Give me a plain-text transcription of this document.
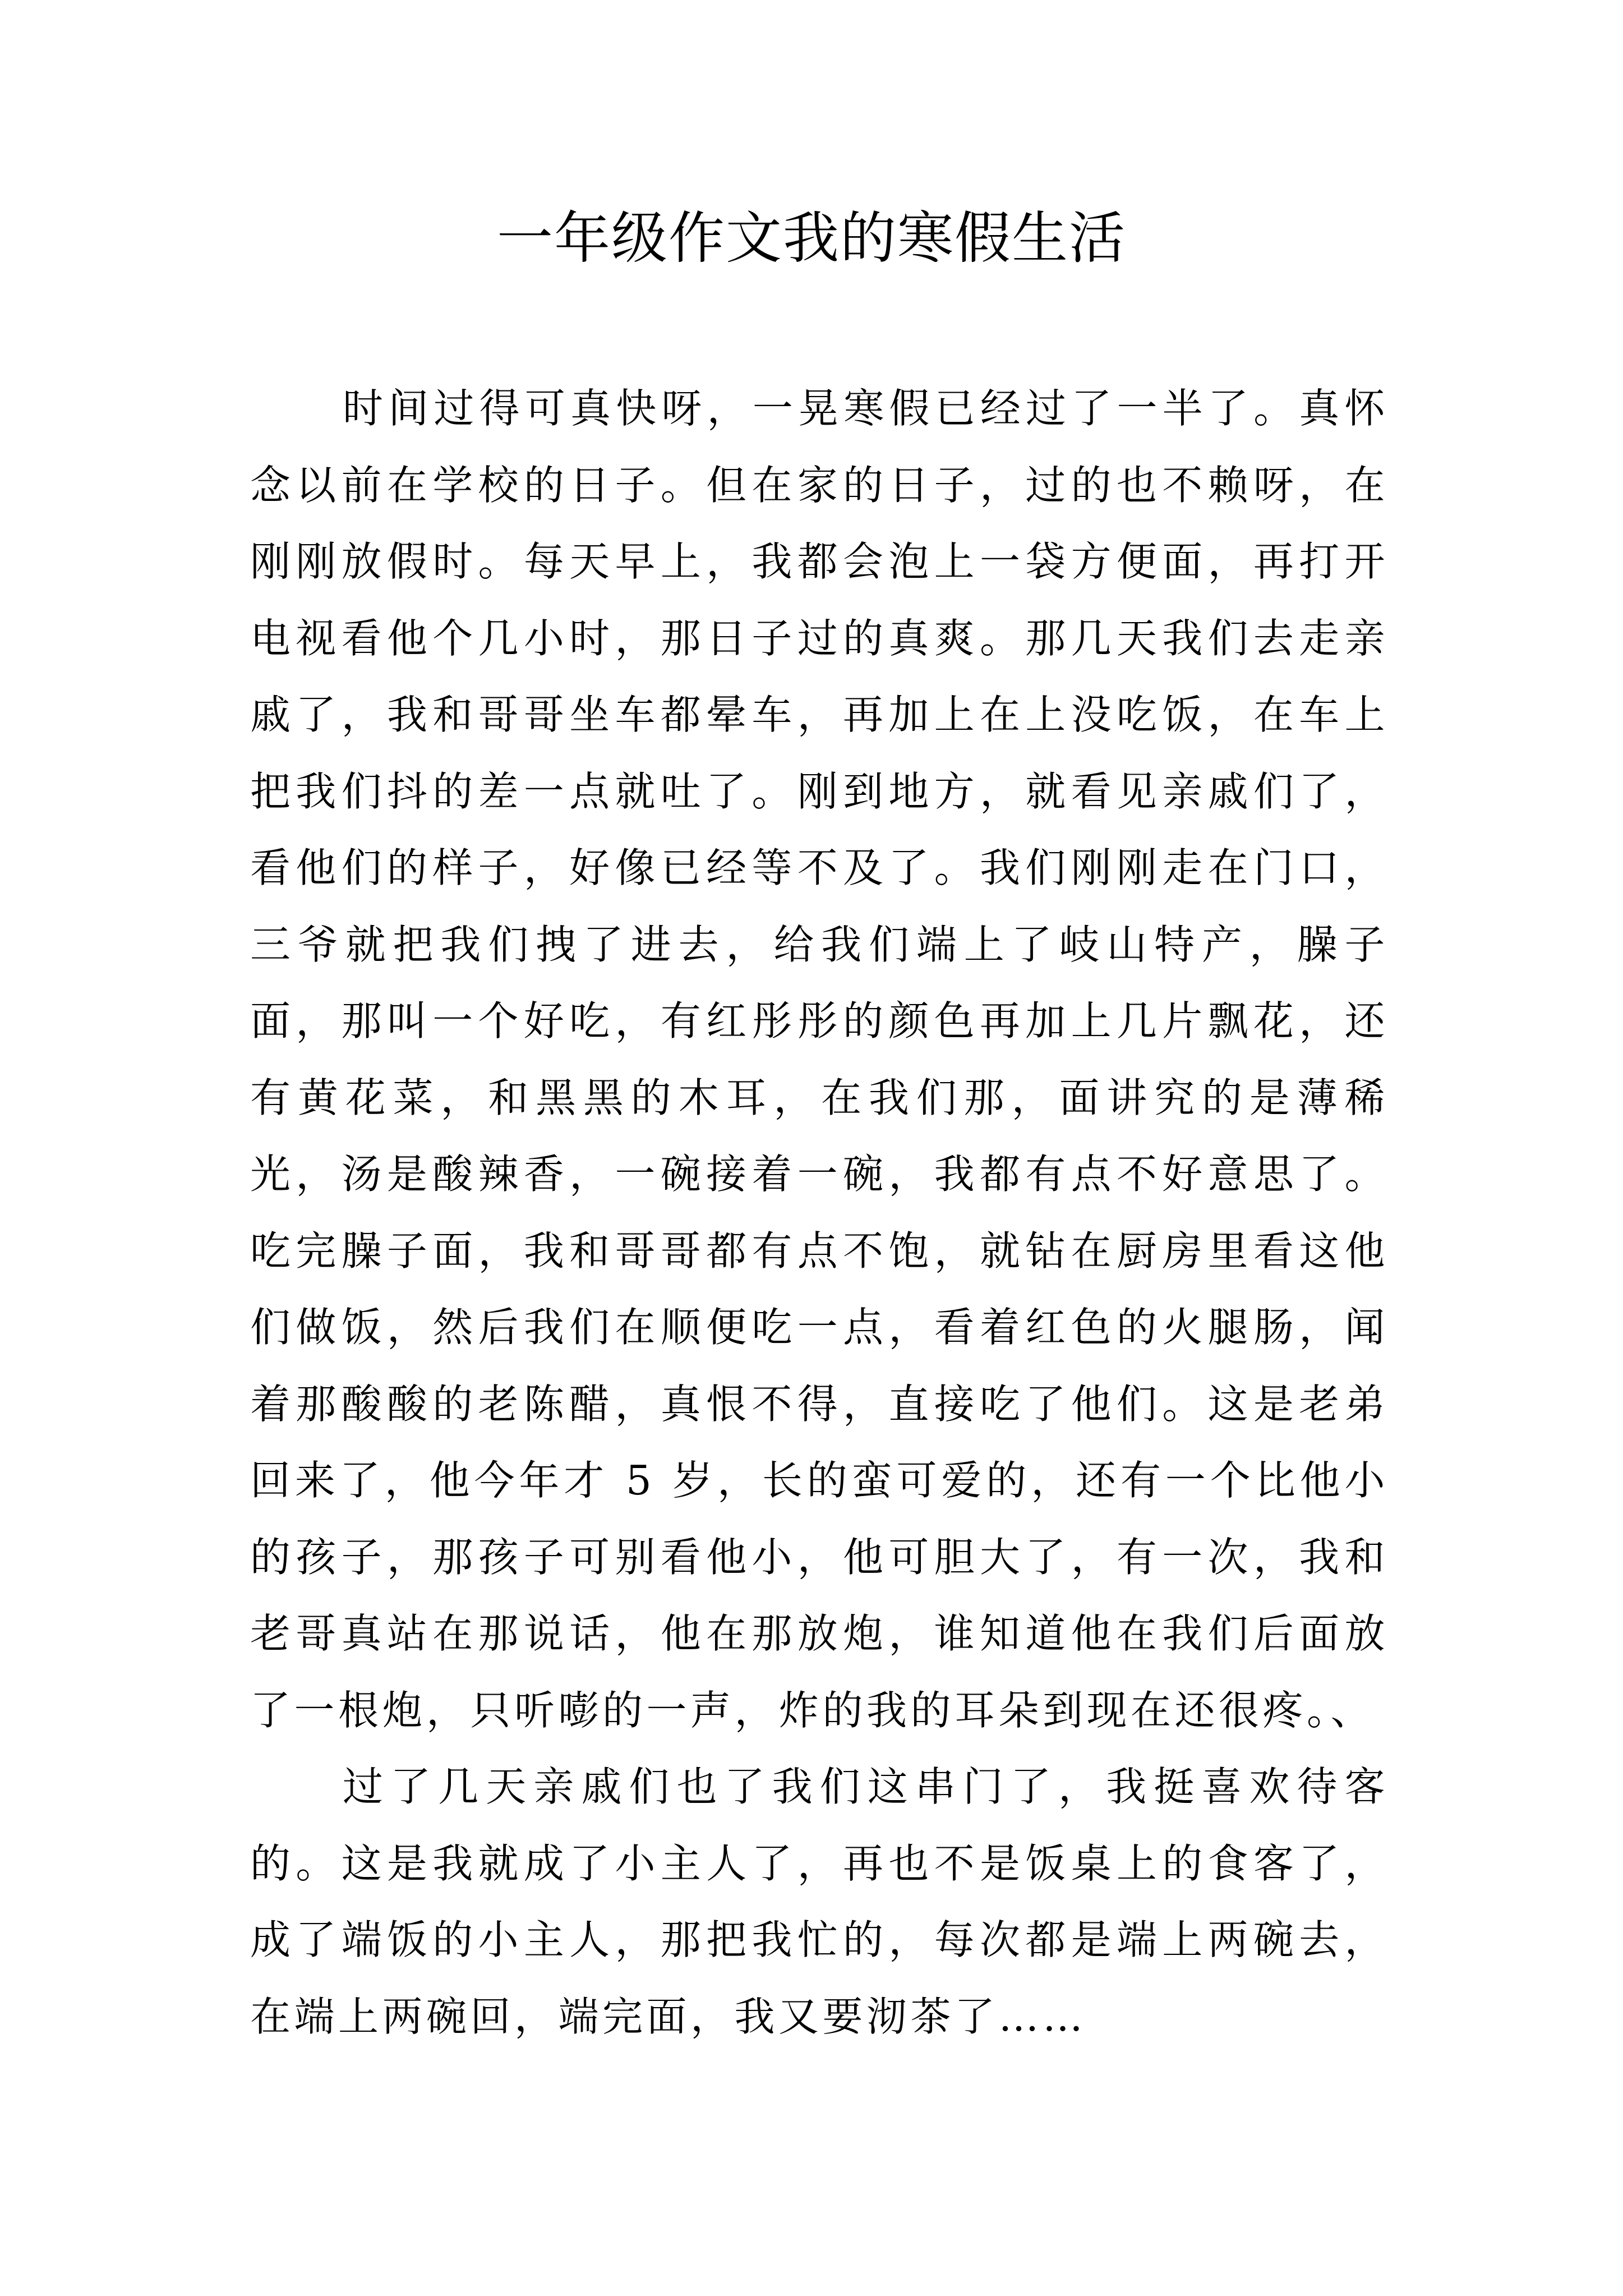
一年级作文我的寒假生活

时间过得可真快呀，一晃寒假已经过了一半了。真怀念以前在学校的日子。但在家的日子，过的也不赖呀，在刚刚放假时。每天早上，我都会泡上一袋方便面，再打开电视看他个几小时，那日子过的真爽。那几天我们去走亲戚了，我和哥哥坐车都晕车，再加上在上没吃饭，在车上把我们抖的差一点就吐了。刚到地方，就看见亲戚们了，看他们的样子，好像已经等不及了。我们刚刚走在门口，三爷就把我们拽了进去，给我们端上了岐山特产，臊子面，那叫一个好吃，有红彤彤的颜色再加上几片飘花，还有黄花菜，和黑黑的木耳，在我们那，面讲究的是薄稀光，汤是酸辣香，一碗接着一碗，我都有点不好意思了。吃完臊子面，我和哥哥都有点不饱，就钻在厨房里看这他们做饭，然后我们在顺便吃一点，看着红色的火腿肠，闻着那酸酸的老陈醋，真恨不得，直接吃了他们。这是老弟回来了，他今年才 5 岁，长的蛮可爱的，还有一个比他小的孩子，那孩子可别看他小，他可胆大了，有一次，我和老哥真站在那说话，他在那放炮，谁知道他在我们后面放了一根炮，只听嘭的一声，炸的我的耳朵到现在还很疼。、

过了几天亲戚们也了我们这串门了，我挺喜欢待客的。这是我就成了小主人了，再也不是饭桌上的食客了，成了端饭的小主人，那把我忙的，每次都是端上两碗去，在端上两碗回，端完面，我又要沏茶了……
